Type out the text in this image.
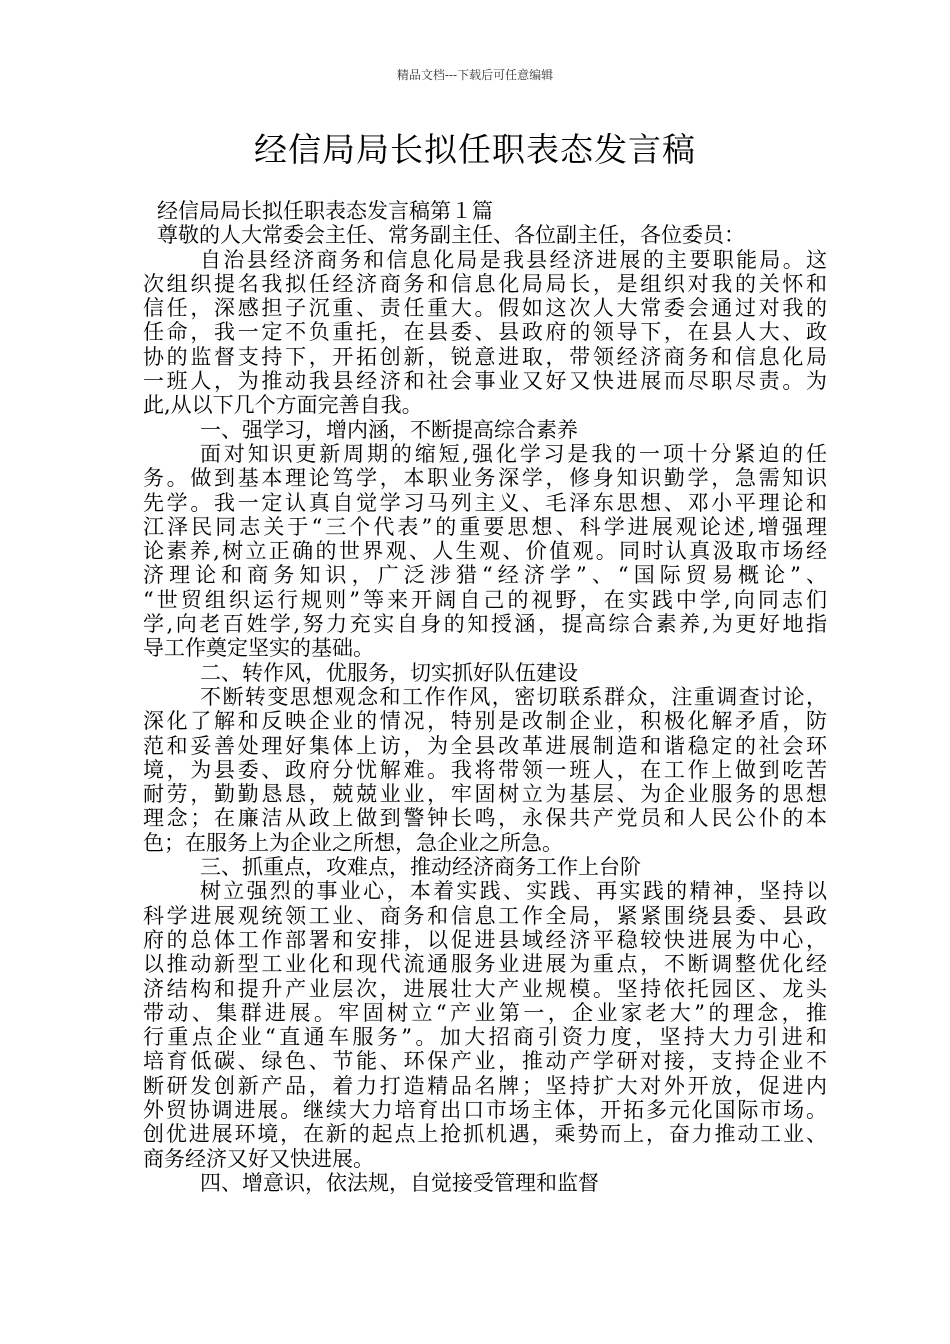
精品文档---下载后可任意编辑
经信局局长拟任职表态发言稿
经信局局长拟任职表态发言稿第１篇
尊敬的人大常委会主任、常务副主任、各位副主任，各位委员：
自治县经济商务和信息化局是我县经济进展的主要职能局。这
次组织提名我拟任经济商务和信息化局局长，是组织对我的关怀和
信任，深感担子沉重、责任重大。假如这次人大常委会通过对我的
任命，我一定不负重托，在县委、县政府的领导下，在县人大、政
协的监督支持下，开拓创新，锐意进取，带领经济商务和信息化局
一班人，为推动我县经济和社会事业又好又快进展而尽职尽责。为
此,从以下几个方面完善自我。
一、强学习，增内涵，不断提高综合素养
面对知识更新周期的缩短,强化学习是我的一项十分紧迫的任
务。做到基本理论笃学，本职业务深学，修身知识勤学，急需知识
先学。我一定认真自觉学习马列主义、毛泽东思想、邓小平理论和
江泽民同志关于“三个代表”的重要思想、科学进展观论述,增强理
论素养,树立正确的世界观、人生观、价值观。同时认真汲取市场经
济理论和商务知识，广泛涉猎“经济学”、“国际贸易概论”、
“世贸组织运行规则”等来开阔自己的视野，在实践中学,向同志们
学,向老百姓学,努力充实自身的知授涵，提高综合素养,为更好地指
导工作奠定坚实的基础。
二、转作风，优服务，切实抓好队伍建设
不断转变思想观念和工作作风，密切联系群众，注重调查讨论，
深化了解和反映企业的情况，特别是改制企业，积极化解矛盾，防
范和妥善处理好集体上访，为全县改革进展制造和谐稳定的社会环
境，为县委、政府分忧解难。我将带领一班人，在工作上做到吃苦
耐劳，勤勤恳恳，兢兢业业，牢固树立为基层、为企业服务的思想
理念；在廉洁从政上做到警钟长鸣，永保共产党员和人民公仆的本
色；在服务上为企业之所想，急企业之所急。
三、抓重点，攻难点，推动经济商务工作上台阶
树立强烈的事业心，本着实践、实践、再实践的精神，坚持以
科学进展观统领工业、商务和信息工作全局，紧紧围绕县委、县政
府的总体工作部署和安排，以促进县域经济平稳较快进展为中心，
以推动新型工业化和现代流通服务业进展为重点，不断调整优化经
济结构和提升产业层次，进展壮大产业规模。坚持依托园区、龙头
带动、集群进展。牢固树立“产业第一，企业家老大”的理念，推
行重点企业“直通车服务”。加大招商引资力度，坚持大力引进和
培育低碳、绿色、节能、环保产业，推动产学研对接，支持企业不
断研发创新产品，着力打造精品名牌；坚持扩大对外开放，促进内
外贸协调进展。继续大力培育出口市场主体，开拓多元化国际市场。
创优进展环境，在新的起点上抢抓机遇，乘势而上，奋力推动工业、
商务经济又好又快进展。
四、增意识，依法规，自觉接受管理和监督
